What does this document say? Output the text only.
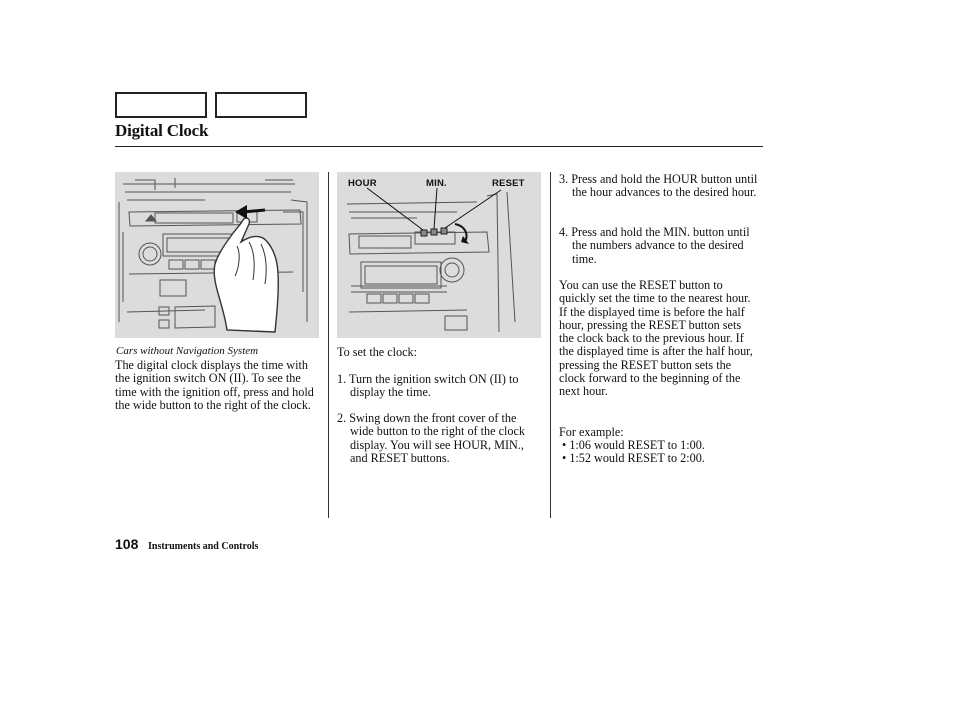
Digital Clock
HOUR	MIN.	RESET
Cars without Navigation System

The digital clock displays the time with the ignition switch ON (II). To see the time with the ignition off, press and hold the wide button to the right of the clock.

To set the clock:

1. Turn the ignition switch ON (II) to display the time.

2. Swing down the front cover of the wide button to the right of the clock display. You will see HOUR, MIN., and RESET buttons.

3. Press and hold the HOUR button until the hour advances to the desired hour.

4. Press and hold the MIN. button until the numbers advance to the desired time.

You can use the RESET button to quickly set the time to the nearest hour. If the displayed time is before the half hour, pressing the RESET button sets the clock back to the previous hour. If the displayed time is after the half hour, pressing the RESET button sets the clock forward to the beginning of the next hour.

For example:

• 1:06 would RESET to 1:00.

• 1:52 would RESET to 2:00.

108 Instruments and Controls
